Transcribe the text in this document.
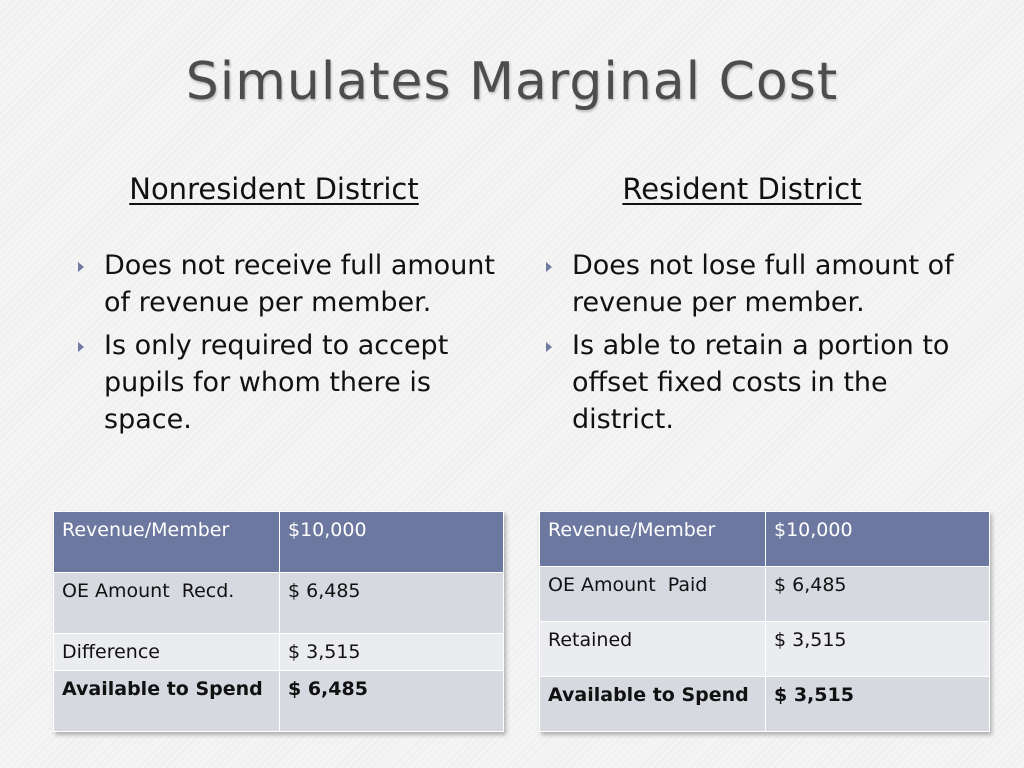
Simulates Marginal Cost
Nonresident District	Resident District
Does not receive full amount of revenue per member.
Is only required to accept pupils for whom there is space.
Does not lose full amount of revenue per member.
Is able to retain a portion to offset fixed costs in the district.
Revenue/Member	$10,000
OE Amount  Recd.	$ 6,485
Difference	$ 3,515
Available to Spend	$ 6,485
Revenue/Member	$10,000
OE Amount  Paid	$ 6,485
Retained	$ 3,515
Available to Spend	$ 3,515
